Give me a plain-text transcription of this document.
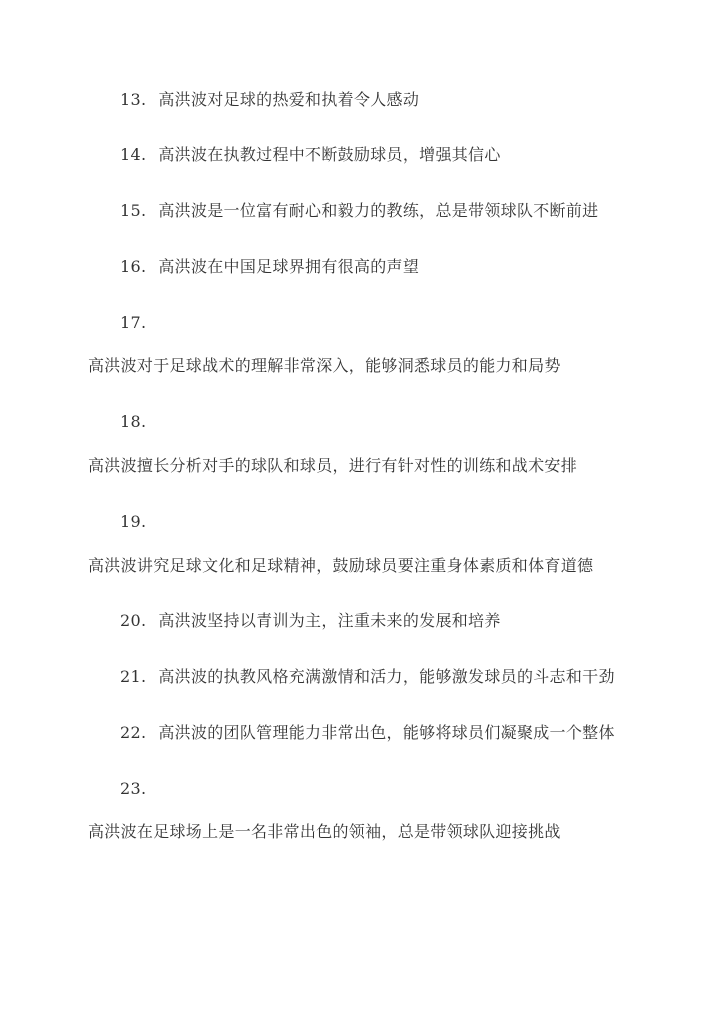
13. 高洪波对足球的热爱和执着令人感动
14. 高洪波在执教过程中不断鼓励球员，增强其信心
15. 高洪波是一位富有耐心和毅力的教练，总是带领球队不断前进
16. 高洪波在中国足球界拥有很高的声望
17.
高洪波对于足球战术的理解非常深入，能够洞悉球员的能力和局势
18.
高洪波擅长分析对手的球队和球员，进行有针对性的训练和战术安排
19.
高洪波讲究足球文化和足球精神，鼓励球员要注重身体素质和体育道德
20. 高洪波坚持以青训为主，注重未来的发展和培养
21. 高洪波的执教风格充满激情和活力，能够激发球员的斗志和干劲
22. 高洪波的团队管理能力非常出色，能够将球员们凝聚成一个整体
23.
高洪波在足球场上是一名非常出色的领袖，总是带领球队迎接挑战
